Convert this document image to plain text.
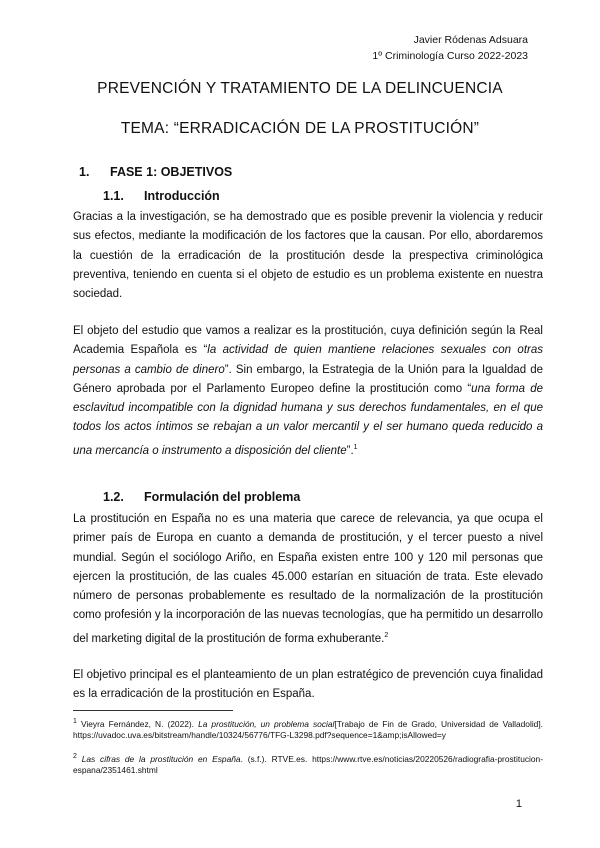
Javier Ródenas Adsuara
1º Criminología Curso 2022-2023
PREVENCIÓN Y TRATAMIENTO DE LA DELINCUENCIA
TEMA: “ERRADICACIÓN DE LA PROSTITUCIÓN”
1. FASE 1: OBJETIVOS
1.1. Introducción
Gracias a la investigación, se ha demostrado que es posible prevenir la violencia y reducir sus efectos, mediante la modificación de los factores que la causan. Por ello, abordaremos la cuestión de la erradicación de la prostitución desde la prespectiva criminológica preventiva, teniendo en cuenta si el objeto de estudio es un problema existente en nuestra sociedad.
El objeto del estudio que vamos a realizar es la prostitución, cuya definición según la Real Academia Española es “la actividad de quien mantiene relaciones sexuales con otras personas a cambio de dinero”. Sin embargo, la Estrategia de la Unión para la Igualdad de Género aprobada por el Parlamento Europeo define la prostitución como “una forma de esclavitud incompatible con la dignidad humana y sus derechos fundamentales, en el que todos los actos íntimos se rebajan a un valor mercantil y el ser humano queda reducido a una mercancía o instrumento a disposición del cliente”.$^1$
1.2. Formulación del problema
La prostitución en España no es una materia que carece de relevancia, ya que ocupa el primer país de Europa en cuanto a demanda de prostitución, y el tercer puesto a nivel mundial. Según el sociólogo Ariño, en España existen entre 100 y 120 mil personas que ejercen la prostitución, de las cuales 45.000 estarían en situación de trata. Este elevado número de personas probablemente es resultado de la normalización de la prostitución como profesión y la incorporación de las nuevas tecnologías, que ha permitido un desarrollo del marketing digital de la prostitución de forma exhuberante.$^2$
El objetivo principal es el planteamiento de un plan estratégico de prevención cuya finalidad es la erradicación de la prostitución en España.
$^1$ Vieyra Fernández, N. (2022). La prostitución, un problema social[Trabajo de Fin de Grado, Universidad de Valladolid]. https://uvadoc.uva.es/bitstream/handle/10324/56776/TFG-L3298.pdf?sequence=1&amp;isAllowed=y
$^2$ Las cifras de la prostitución en España. (s.f.). RTVE.es. https://www.rtve.es/noticias/20220526/radiografia-prostitucion-espana/2351461.shtml
1
